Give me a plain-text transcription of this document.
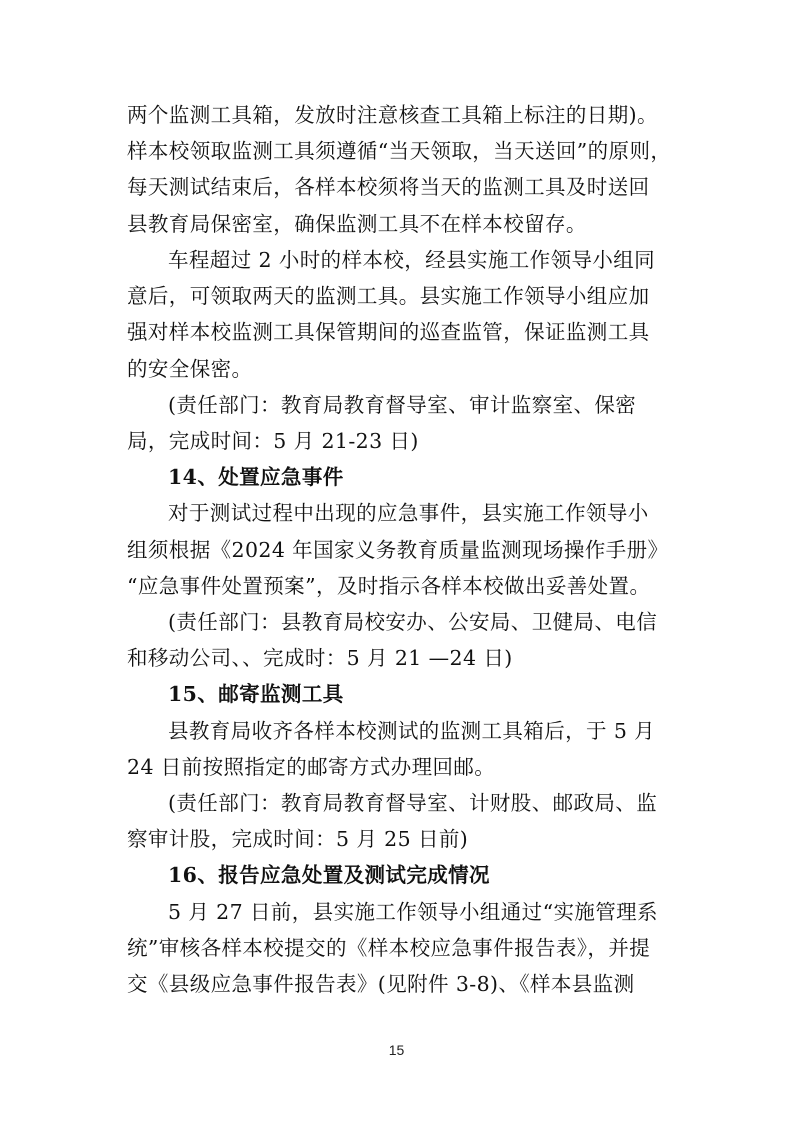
两个监测工具箱，发放时注意核查工具箱上标注的日期)。
样本校领取监测工具须遵循“当天领取，当天送回”的原则，
每天测试结束后，各样本校须将当天的监测工具及时送回
县教育局保密室，确保监测工具不在样本校留存。
车程超过 2 小时的样本校，经县实施工作领导小组同
意后，可领取两天的监测工具。县实施工作领导小组应加
强对样本校监测工具保管期间的巡查监管，保证监测工具
的安全保密。
(责任部门：教育局教育督导室、审计监察室、保密
局，完成时间：5 月 21-23 日)
14、处置应急事件
对于测试过程中出现的应急事件，县实施工作领导小
组须根据《2024 年国家义务教育质量监测现场操作手册》
“应急事件处置预案”，及时指示各样本校做出妥善处置。
(责任部门：县教育局校安办、公安局、卫健局、电信
和移动公司、、完成时：5 月 21 —24 日)
15、邮寄监测工具
县教育局收齐各样本校测试的监测工具箱后，于 5 月
24 日前按照指定的邮寄方式办理回邮。
(责任部门：教育局教育督导室、计财股、邮政局、监
察审计股，完成时间：5 月 25 日前)
16、报告应急处置及测试完成情况
5 月 27 日前，县实施工作领导小组通过“实施管理系
统”审核各样本校提交的《样本校应急事件报告表》，并提
交《县级应急事件报告表》(见附件 3-8)、《样本县监测
15
